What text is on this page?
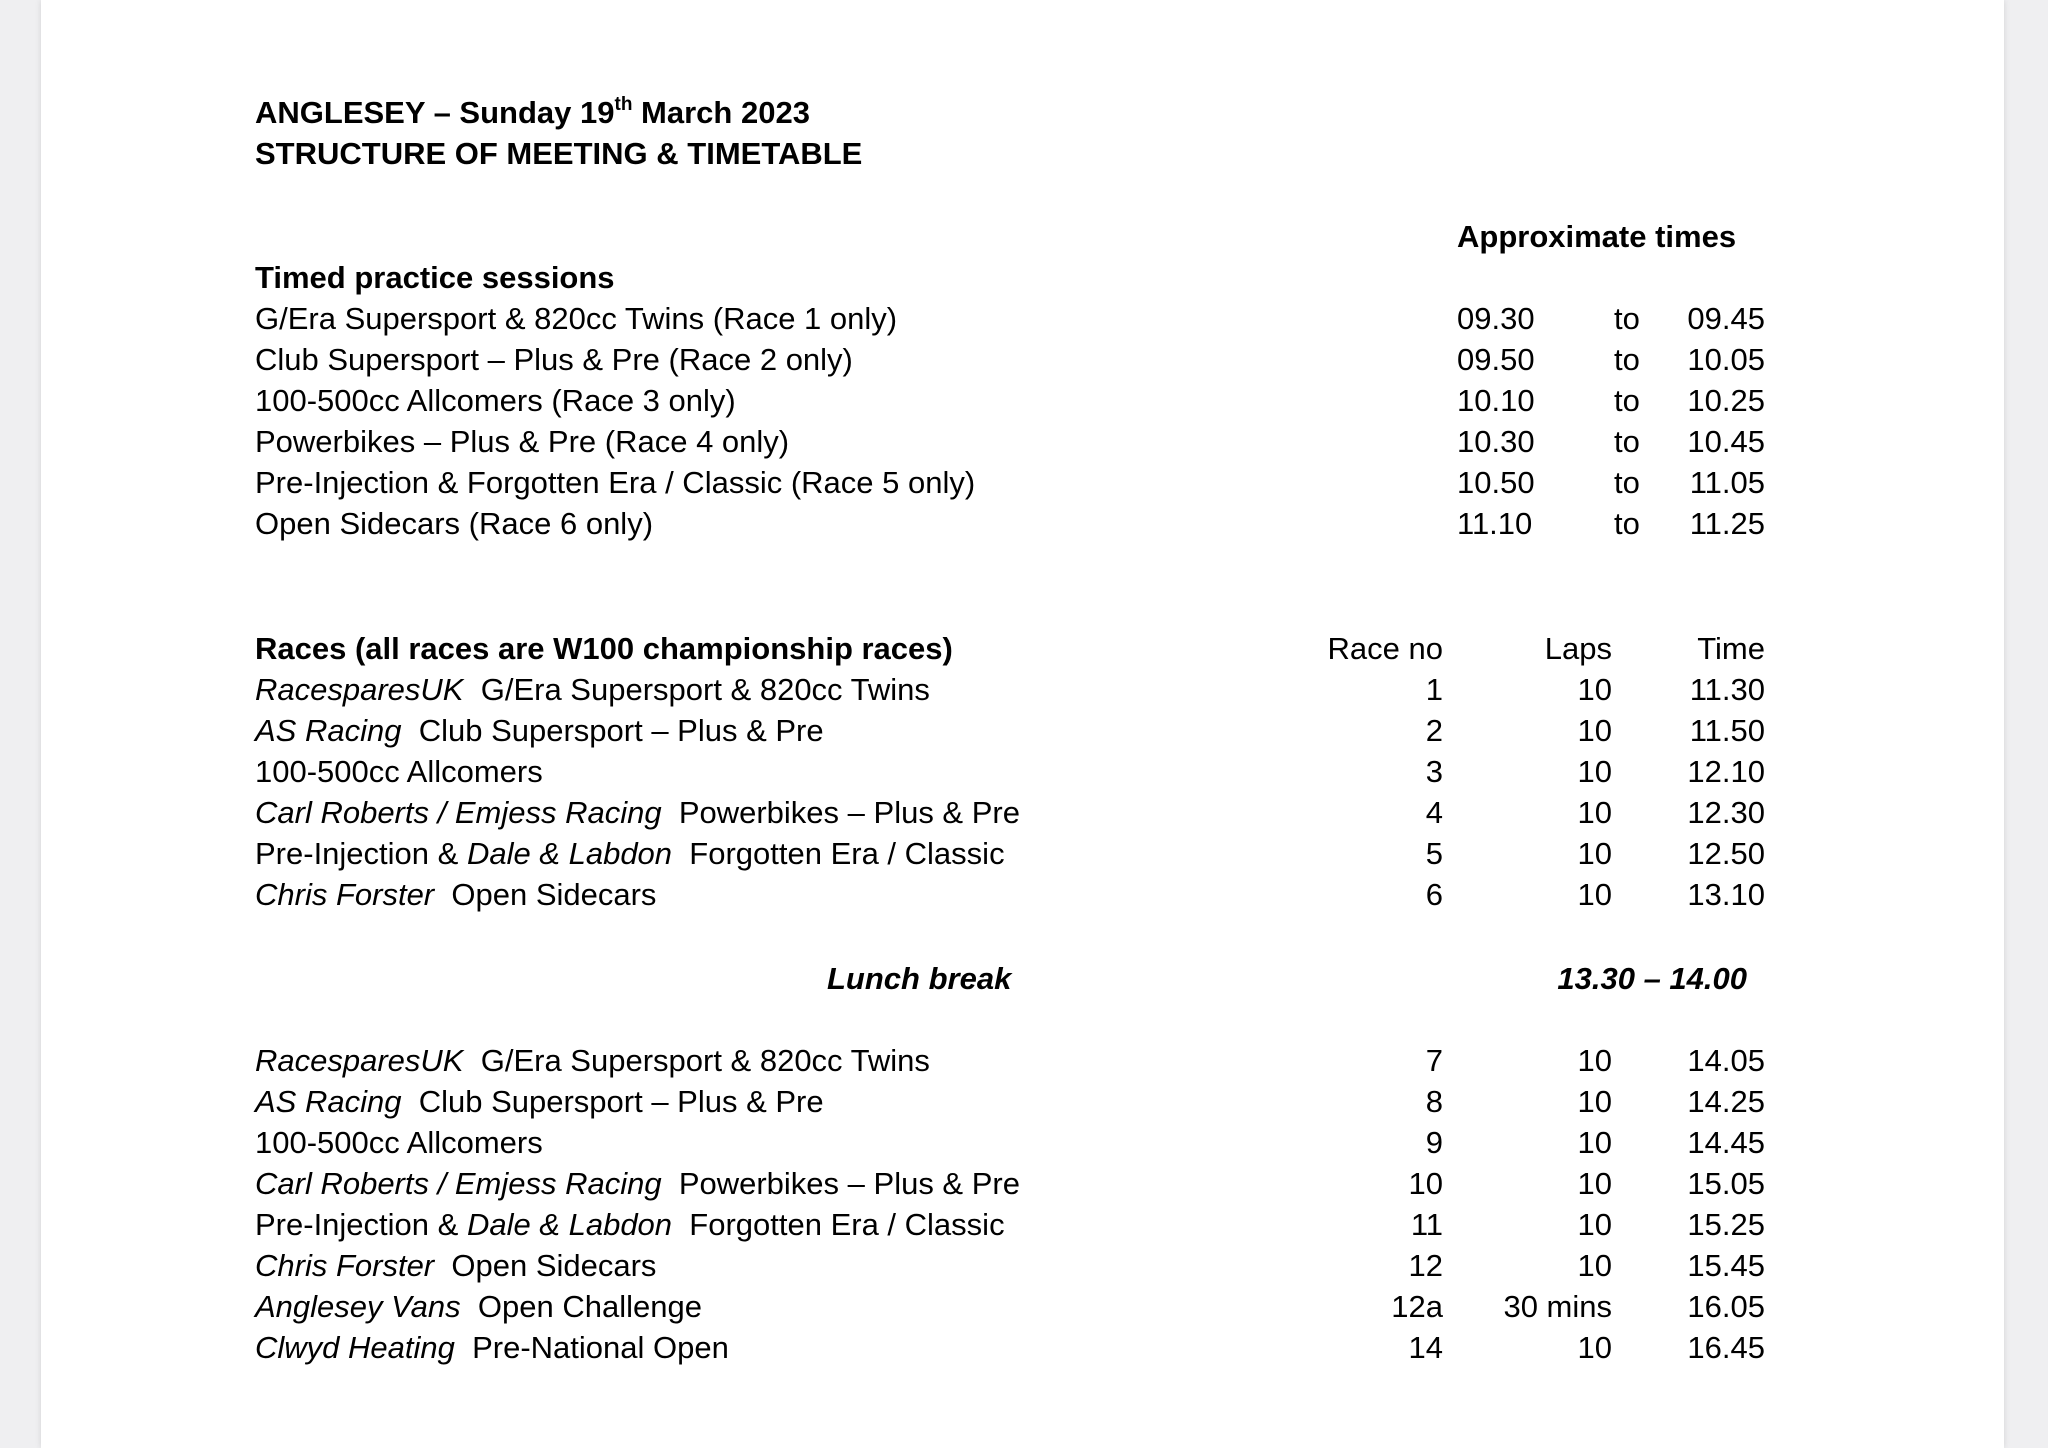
ANGLESEY – Sunday 19th March 2023
STRUCTURE OF MEETING & TIMETABLE
Approximate times
Timed practice sessions
G/Era Supersport & 820cc Twins (Race 1 only)	09.30	to 09.45
Club Supersport – Plus & Pre (Race 2 only)	09.50	to 10.05
100-500cc Allcomers (Race 3 only)	10.10	to 10.25
Powerbikes – Plus & Pre (Race 4 only)	10.30	to 10.45
Pre-Injection & Forgotten Era / Classic (Race 5 only)	10.50	to 11.05
Open Sidecars (Race 6 only)	11.10	to 11.25
Races (all races are W100 championship races)	Race no	Laps	Time
RacesparesUK G/Era Supersport & 820cc Twins	1	10	11.30
AS Racing Club Supersport – Plus & Pre	2	10	11.50
100-500cc Allcomers	3	10 12.10
Carl Roberts / Emjess Racing Powerbikes – Plus & Pre	4	10 12.30
Pre-Injection & Dale & Labdon Forgotten Era / Classic	5	10 12.50
Chris Forster Open Sidecars	6	10 13.10
Lunch break	13.30 – 14.00
RacesparesUK G/Era Supersport & 820cc Twins	7	10 14.05
AS Racing Club Supersport – Plus & Pre	8	10 14.25
100-500cc Allcomers	9	10 14.45
Carl Roberts / Emjess Racing Powerbikes – Plus & Pre	10	10 15.05
Pre-Injection & Dale & Labdon Forgotten Era / Classic	11	10 15.25
Chris Forster Open Sidecars	12	10 15.45
Anglesey Vans Open Challenge	12a 30 mins 16.05
Clwyd Heating Pre-National Open	14	10 16.45
